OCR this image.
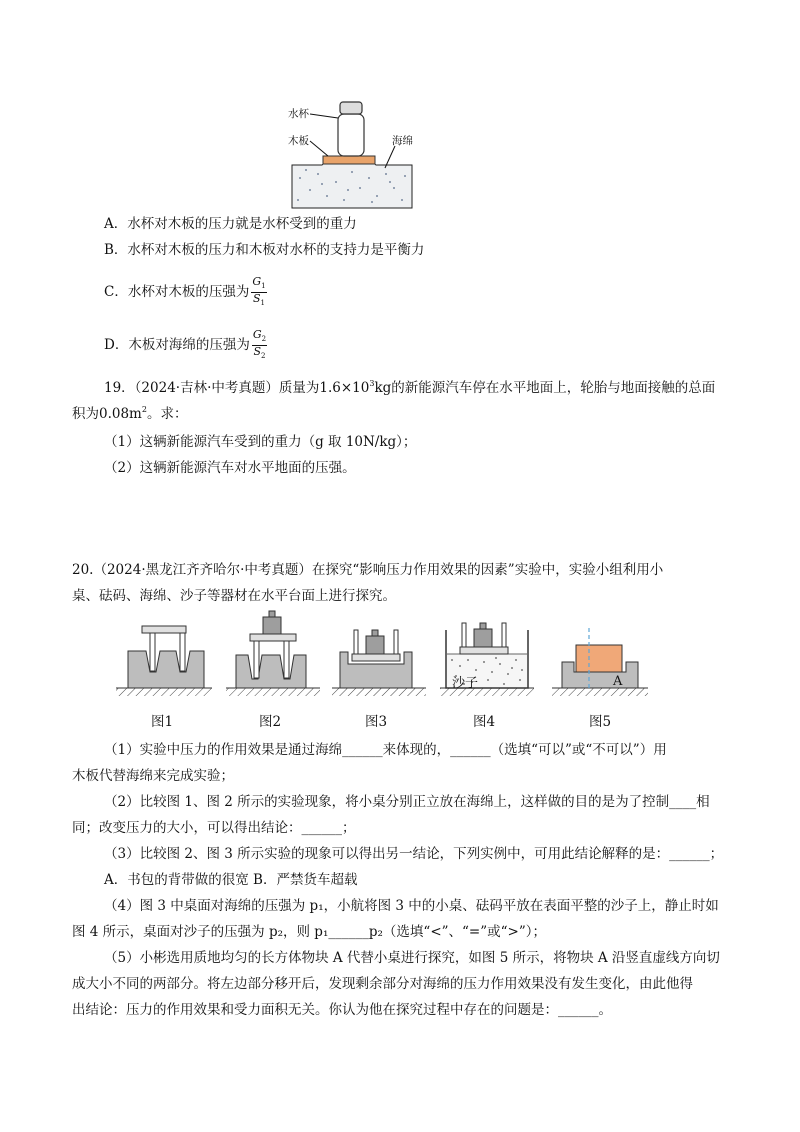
水杯
木板	海绵
A．水杯对木板的压力就是水杯受到的重力
B．水杯对木板的压力和木板对水杯的支持力是平衡力
C．水杯对木板的压强为 $\frac{G_1}{S_1}$
D．木板对海绵的压强为 $\frac{G_2}{S_2}$
19．（2024·吉林·中考真题）质量为$1.6\times 10^3kg$的新能源汽车停在水平地面上，轮胎与地面接触的总面
积为$0.08m^2$。求：
（1）这辆新能源汽车受到的重力（g 取 10N/kg）；
（2）这辆新能源汽车对水平地面的压强。
20.（2024·黑龙江齐齐哈尔·中考真题）在探究“影响压力作用效果的因素”实验中，实验小组利用小
桌、砝码、海绵、沙子等器材在水平台面上进行探究。
沙子	A
图1	图2	图3	图4	图5
（1）实验中压力的作用效果是通过海绵______来体现的，______（选填“可以”或“不可以”）用
木板代替海绵来完成实验；
（2）比较图 1、图 2 所示的实验现象，将小桌分别正立放在海绵上，这样做的目的是为了控制____相
同；改变压力的大小，可以得出结论：______；
（3）比较图 2、图 3 所示实验的现象可以得出另一结论，下列实例中，可用此结论解释的是：______；
A．书包的背带做的很宽 B．严禁货车超载
（4）图 3 中桌面对海绵的压强为 p₁，小航将图 3 中的小桌、砝码平放在表面平整的沙子上，静止时如
图 4 所示，桌面对沙子的压强为 p₂，则 p₁______p₂（选填“<”、“=”或“>”）；
（5）小彬选用质地均匀的长方体物块 A 代替小桌进行探究，如图 5 所示，将物块 A 沿竖直虚线方向切
成大小不同的两部分。将左边部分移开后，发现剩余部分对海绵的压力作用效果没有发生变化，由此他得
出结论：压力的作用效果和受力面积无关。你认为他在探究过程中存在的问题是：______。
